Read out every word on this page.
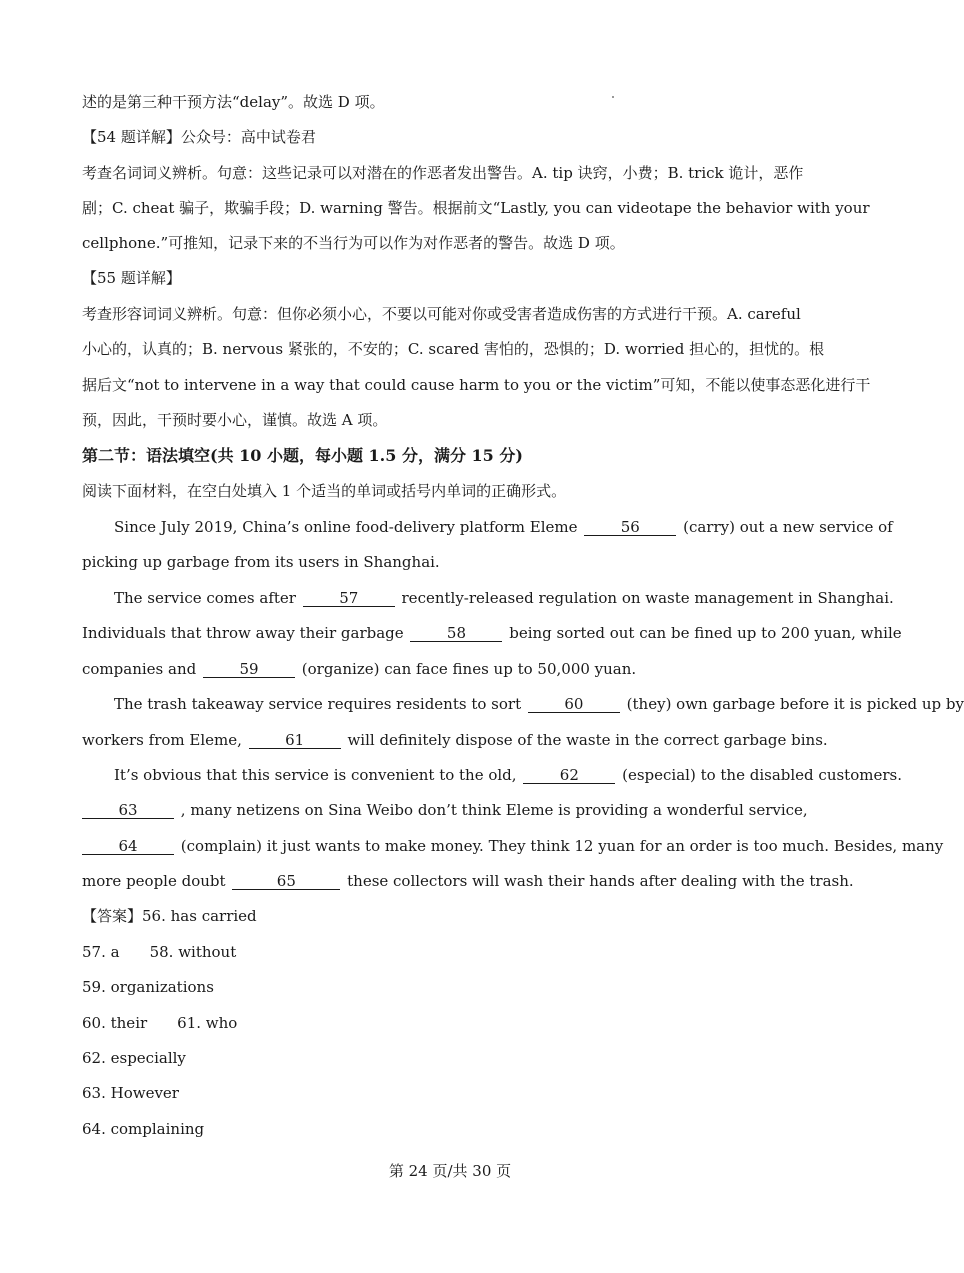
述的是第三种干预方法“delay”。故选 D 项。
【54 题详解】公众号：高中试卷君
考查名词词义辨析。句意：这些记录可以对潜在的作恶者发出警告。A. tip 诀窍，小费；B. trick 诡计，恶作
剧；C. cheat 骗子，欺骗手段；D. warning 警告。根据前文“Lastly, you can videotape the behavior with your
cellphone.”可推知，记录下来的不当行为可以作为对作恶者的警告。故选 D 项。
【55 题详解】
考查形容词词义辨析。句意：但你必须小心，不要以可能对你或受害者造成伤害的方式进行干预。A. careful
小心的，认真的；B. nervous 紧张的，不安的；C. scared 害怕的，恐惧的；D. worried 担心的，担忧的。根
据后文“not to intervene in a way that could cause harm to you or the victim”可知，不能以使事态恶化进行干
预，因此，干预时要小心，谨慎。故选 A 项。
第二节：语法填空(共 10 小题，每小题 1.5 分，满分 15 分)
阅读下面材料，在空白处填入 1 个适当的单词或括号内单词的正确形式。
Since July 2019, China’s online food-delivery platform Eleme	56	(carry) out a new service of
picking up garbage from its users in Shanghai.
The service comes after	57	recently-released regulation on waste management in Shanghai.
Individuals that throw away their garbage	58	being sorted out can be fined up to 200 yuan, while
companies and	59	(organize) can face fines up to 50,000 yuan.
The trash takeaway service requires residents to sort	60	(they) own garbage before it is picked up by
workers from Eleme,	61	will definitely dispose of the waste in the correct garbage bins.
It’s obvious that this service is convenient to the old,	62	(especial) to the disabled customers.
63	, many netizens on Sina Weibo don’t think Eleme is providing a wonderful service,
64	(complain) it just wants to make money. They think 12 yuan for an order is too much. Besides, many
more people doubt	65	these collectors will wash their hands after dealing with the trash.
【答案】56. has carried
57. a 58. without
59. organizations
60. their 61. who
62. especially
63. However
64. complaining
第 24 页/共 30 页
